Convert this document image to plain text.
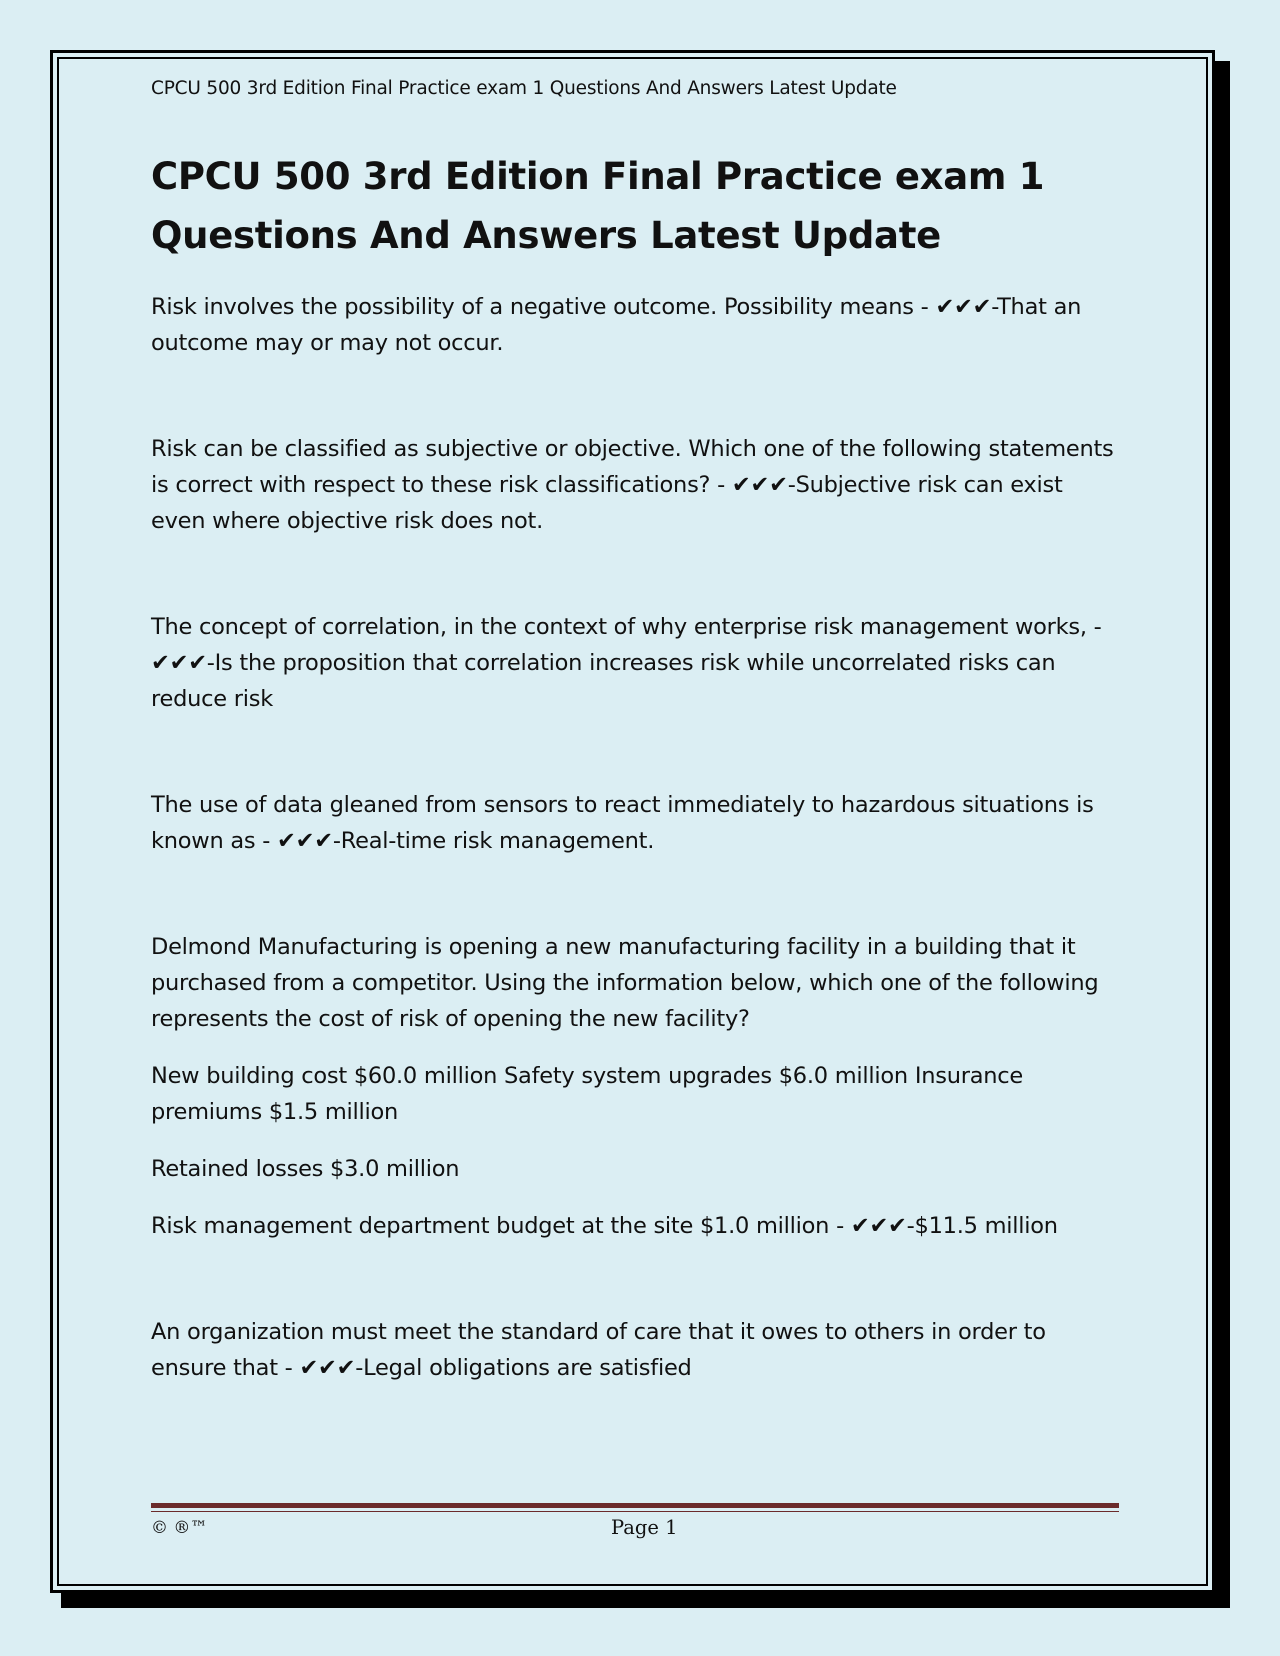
CPCU 500 3rd Edition Final Practice exam 1 Questions And Answers Latest Update

CPCU 500 3rd Edition Final Practice exam 1 Questions And Answers Latest Update

Risk involves the possibility of a negative outcome. Possibility means - ✔✔✔-That an outcome may or may not occur.

Risk can be classified as subjective or objective. Which one of the following statements is correct with respect to these risk classifications? - ✔✔✔-Subjective risk can exist even where objective risk does not.

The concept of correlation, in the context of why enterprise risk management works, - ✔✔✔-Is the proposition that correlation increases risk while uncorrelated risks can reduce risk

The use of data gleaned from sensors to react immediately to hazardous situations is known as - ✔✔✔-Real-time risk management.

Delmond Manufacturing is opening a new manufacturing facility in a building that it purchased from a competitor. Using the information below, which one of the following represents the cost of risk of opening the new facility?

New building cost $60.0 million Safety system upgrades $6.0 million Insurance premiums $1.5 million

Retained losses $3.0 million

Risk management department budget at the site $1.0 million - ✔✔✔-$11.5 million

An organization must meet the standard of care that it owes to others in order to ensure that - ✔✔✔-Legal obligations are satisfied

© ®™	Page 1
